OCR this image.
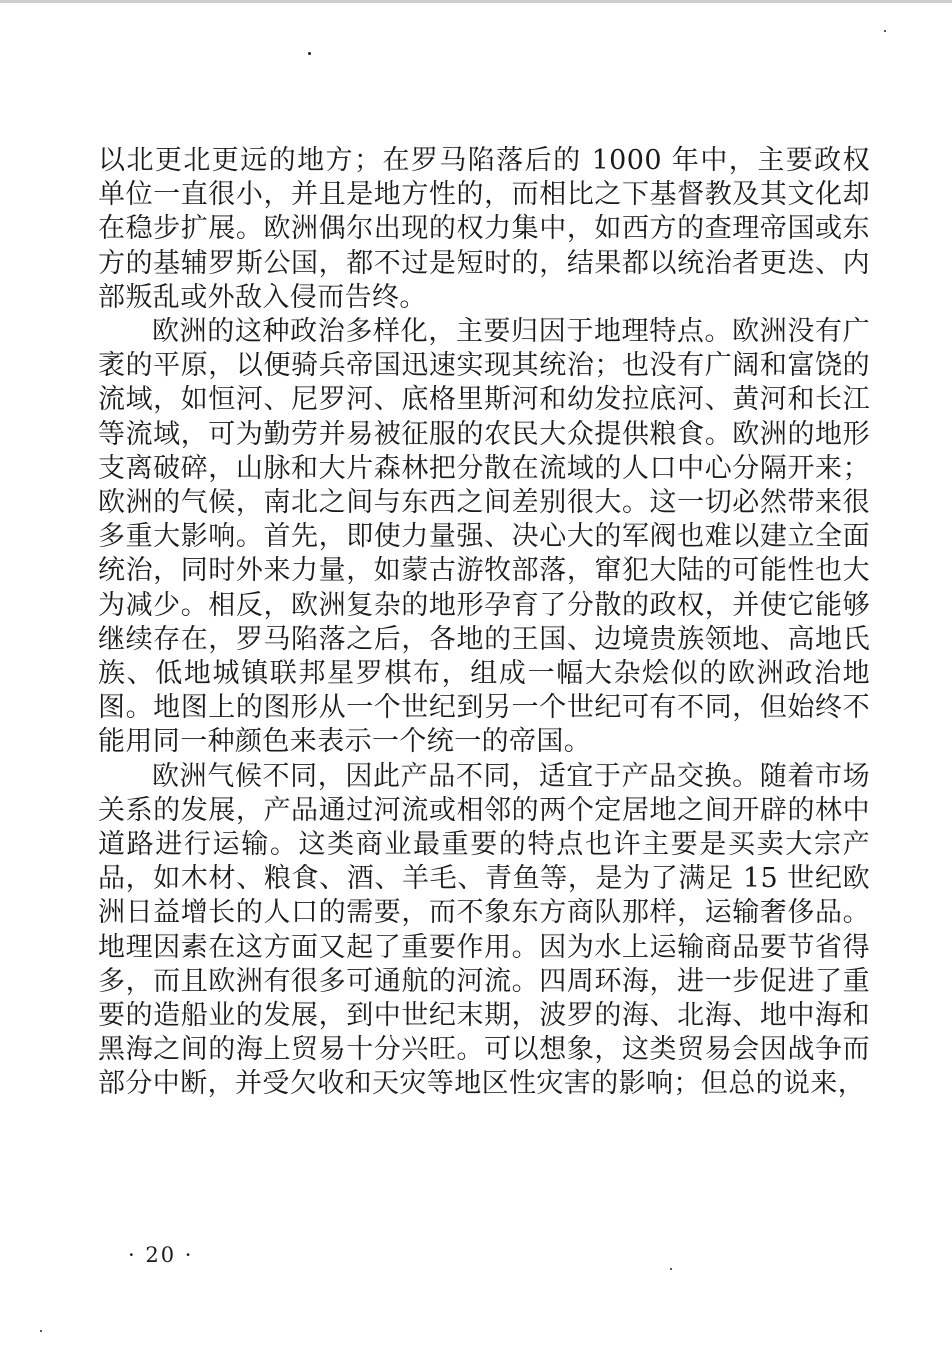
以北更北更远的地方；在罗马陷落后的 1000 年中，主要政权单位一直很小，并且是地方性的，而相比之下基督教及其文化却在稳步扩展。欧洲偶尔出现的权力集中，如西方的查理帝国或东方的基辅罗斯公国，都不过是短时的，结果都以统治者更迭、内部叛乱或外敌入侵而告终。

欧洲的这种政治多样化，主要归因于地理特点。欧洲没有广袤的平原，以便骑兵帝国迅速实现其统治；也没有广阔和富饶的流域，如恒河、尼罗河、底格里斯河和幼发拉底河、黄河和长江等流域，可为勤劳并易被征服的农民大众提供粮食。欧洲的地形支离破碎，山脉和大片森林把分散在流域的人口中心分隔开来；欧洲的气候，南北之间与东西之间差别很大。这一切必然带来很多重大影响。首先，即使力量强、决心大的军阀也难以建立全面统治，同时外来力量，如蒙古游牧部落，窜犯大陆的可能性也大为减少。相反，欧洲复杂的地形孕育了分散的政权，并使它能够继续存在，罗马陷落之后，各地的王国、边境贵族领地、高地氏族、低地城镇联邦星罗棋布，组成一幅大杂烩似的欧洲政治地图。地图上的图形从一个世纪到另一个世纪可有不同，但始终不能用同一种颜色来表示一个统一的帝国。

欧洲气候不同，因此产品不同，适宜于产品交换。随着市场关系的发展，产品通过河流或相邻的两个定居地之间开辟的林中道路进行运输。这类商业最重要的特点也许主要是买卖大宗产品，如木材、粮食、酒、羊毛、青鱼等，是为了满足 15 世纪欧洲日益增长的人口的需要，而不象东方商队那样，运输奢侈品。地理因素在这方面又起了重要作用。因为水上运输商品要节省得多，而且欧洲有很多可通航的河流。四周环海，进一步促进了重要的造船业的发展，到中世纪末期，波罗的海、北海、地中海和黑海之间的海上贸易十分兴旺。可以想象，这类贸易会因战争而部分中断，并受欠收和天灾等地区性灾害的影响；但总的说来，

· 20 ·
